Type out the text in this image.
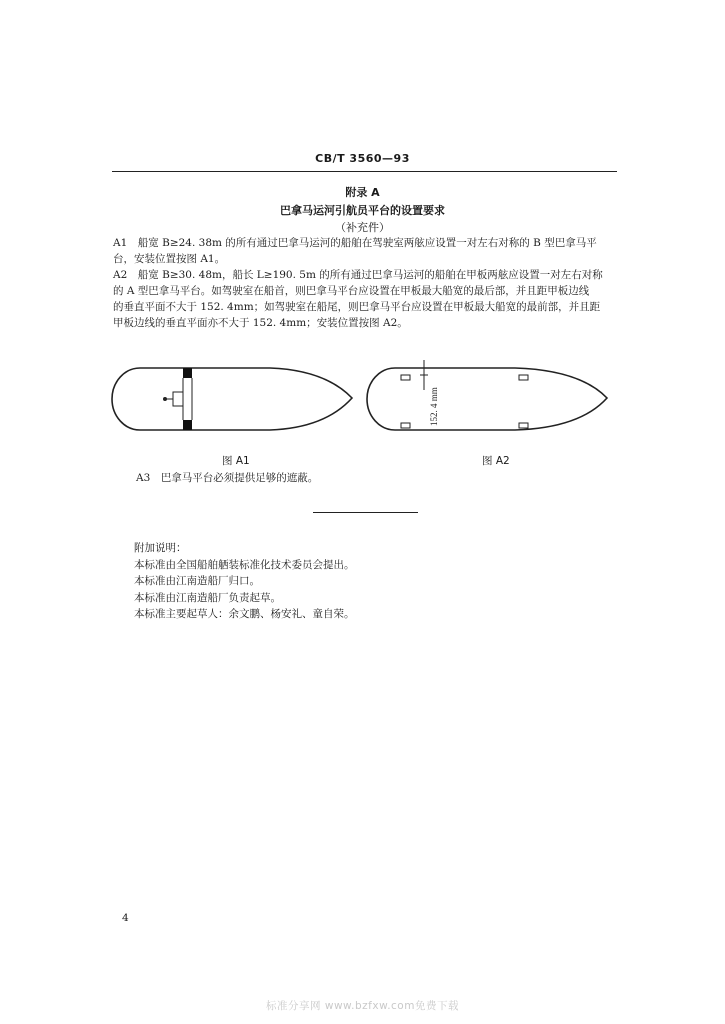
CB/T 3560—93
附录 A
巴拿马运河引航员平台的设置要求
（补充件）
A1　船宽 B≥24. 38m 的所有通过巴拿马运河的船舶在驾驶室两舷应设置一对左右对称的 B 型巴拿马平
台，安装位置按图 A1。
A2　船宽 B≥30. 48m，船长 L≥190. 5m 的所有通过巴拿马运河的船舶在甲板两舷应设置一对左右对称
的 A 型巴拿马平台。如驾驶室在船首，则巴拿马平台应设置在甲板最大船宽的最后部，并且距甲板边线
的垂直平面不大于 152. 4mm；如驾驶室在船尾，则巴拿马平台应设置在甲板最大船宽的最前部，并且距
甲板边线的垂直平面亦不大于 152. 4mm；安装位置按图 A2。
152. 4 mm
图 A1	图 A2
A3　巴拿马平台必须提供足够的遮蔽。
附加说明：
本标准由全国船舶舾装标准化技术委员会提出。
本标准由江南造船厂归口。
本标准由江南造船厂负责起草。
本标准主要起草人：余文鹏、杨安礼、童自荣。
4
标准分享网 www.bzfxw.com免费下载
